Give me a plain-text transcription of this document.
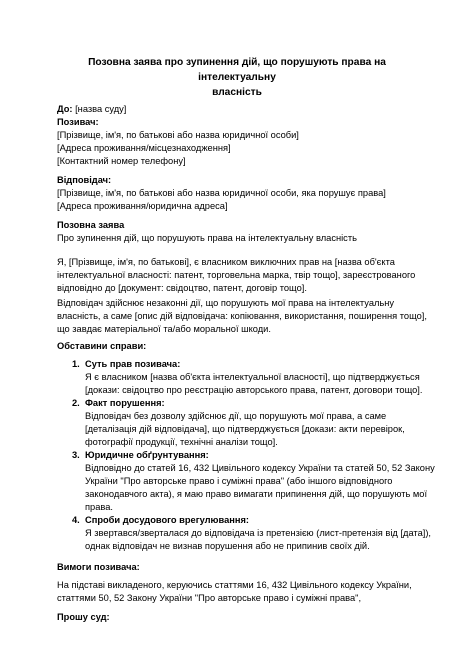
Позовна заява про зупинення дій, що порушують права на інтелектуальну
власність
До: [назва суду]
Позивач:
[Прізвище, ім'я, по батькові або назва юридичної особи]
[Адреса проживання/місцезнаходження]
[Контактний номер телефону]
Відповідач:
[Прізвище, ім'я, по батькові або назва юридичної особи, яка порушує права]
[Адреса проживання/юридична адреса]
Позовна заява
Про зупинення дій, що порушують права на інтелектуальну власність
Я, [Прізвище, ім'я, по батькові], є власником виключних прав на [назва об'єкта
інтелектуальної власності: патент, торговельна марка, твір тощо], зареєстрованого
відповідно до [документ: свідоцтво, патент, договір тощо].
Відповідач здійснює незаконні дії, що порушують мої права на інтелектуальну
власність, а саме [опис дій відповідача: копіювання, використання, поширення тощо],
що завдає матеріальної та/або моральної шкоди.
Обставини справи:
1. Суть прав позивача:
Я є власником [назва об'єкта інтелектуальної власності], що підтверджується
[докази: свідоцтво про реєстрацію авторського права, патент, договори тощо].
2. Факт порушення:
Відповідач без дозволу здійснює дії, що порушують мої права, а саме
[деталізація дій відповідача], що підтверджується [докази: акти перевірок,
фотографії продукції, технічні аналізи тощо].
3. Юридичне обґрунтування:
Відповідно до статей 16, 432 Цивільного кодексу України та статей 50, 52 Закону
України "Про авторське право і суміжні права" (або іншого відповідного
законодавчого акта), я маю право вимагати припинення дій, що порушують мої
права.
4. Спроби досудового врегулювання:
Я звертався/зверталася до відповідача із претензією (лист-претензія від [дата]),
однак відповідач не визнав порушення або не припинив своїх дій.
Вимоги позивача:
На підставі викладеного, керуючись статтями 16, 432 Цивільного кодексу України,
статтями 50, 52 Закону України "Про авторське право і суміжні права",
Прошу суд:
